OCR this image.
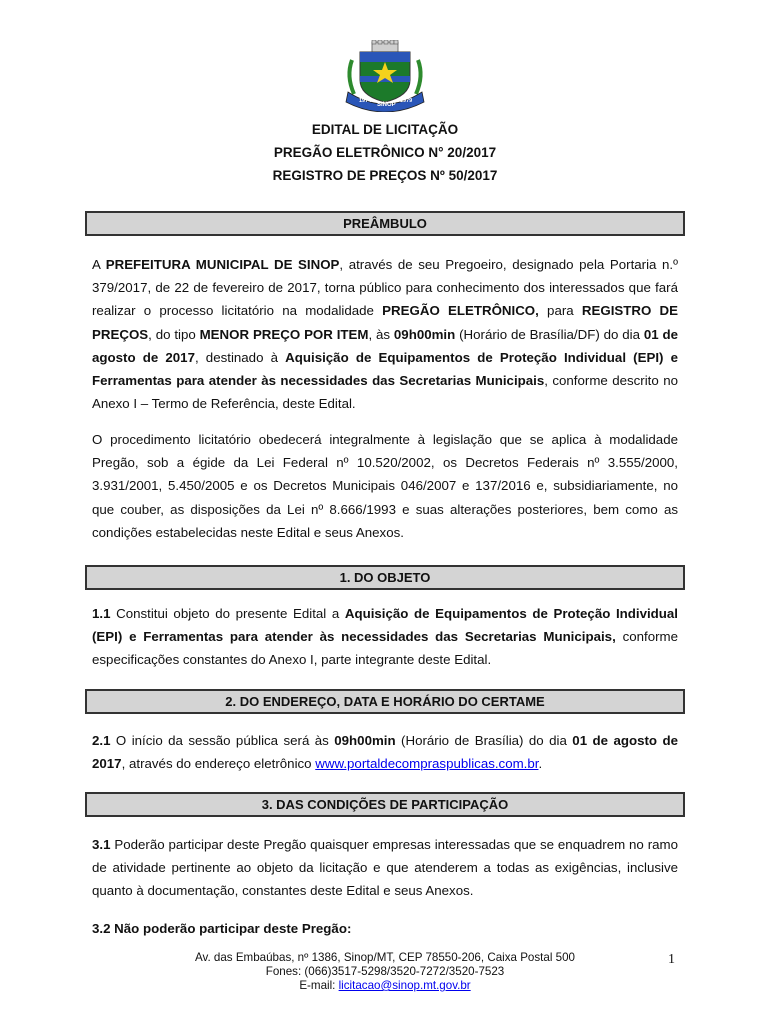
1974
SINOP
1979
EDITAL DE LICITAÇÃO
PREGÃO ELETRÔNICO N° 20/2017
REGISTRO DE PREÇOS Nº 50/2017
PREÂMBULO
A PREFEITURA MUNICIPAL DE SINOP, através de seu Pregoeiro, designado pela Portaria n.º 379/2017, de 22 de fevereiro de 2017, torna público para conhecimento dos interessados que fará realizar o processo licitatório na modalidade PREGÃO ELETRÔNICO, para REGISTRO DE PREÇOS, do tipo MENOR PREÇO POR ITEM, às 09h00min (Horário de Brasília/DF) do dia 01 de agosto de 2017, destinado à Aquisição de Equipamentos de Proteção Individual (EPI) e Ferramentas para atender às necessidades das Secretarias Municipais, conforme descrito no Anexo I – Termo de Referência, deste Edital.
O procedimento licitatório obedecerá integralmente à legislação que se aplica à modalidade Pregão, sob a égide da Lei Federal nº 10.520/2002, os Decretos Federais nº 3.555/2000, 3.931/2001, 5.450/2005 e os Decretos Municipais 046/2007 e 137/2016 e, subsidiariamente, no que couber, as disposições da Lei nº 8.666/1993 e suas alterações posteriores, bem como as condições estabelecidas neste Edital e seus Anexos.
1. DO OBJETO
1.1 Constitui objeto do presente Edital a Aquisição de Equipamentos de Proteção Individual (EPI) e Ferramentas para atender às necessidades das Secretarias Municipais, conforme especificações constantes do Anexo I, parte integrante deste Edital.
2. DO ENDEREÇO, DATA E HORÁRIO DO CERTAME
2.1 O início da sessão pública será às 09h00min (Horário de Brasília) do dia 01 de agosto de 2017, através do endereço eletrônico www.portaldecompraspublicas.com.br.
3. DAS CONDIÇÕES DE PARTICIPAÇÃO
3.1 Poderão participar deste Pregão quaisquer empresas interessadas que se enquadrem no ramo de atividade pertinente ao objeto da licitação e que atenderem a todas as exigências, inclusive quanto à documentação, constantes deste Edital e seus Anexos.
3.2 Não poderão participar deste Pregão:
Av. das Embaúbas, nº 1386, Sinop/MT, CEP 78550-206, Caixa Postal 500
Fones: (066)3517-5298/3520-7272/3520-7523
E-mail: licitacao@sinop.mt.gov.br
1
